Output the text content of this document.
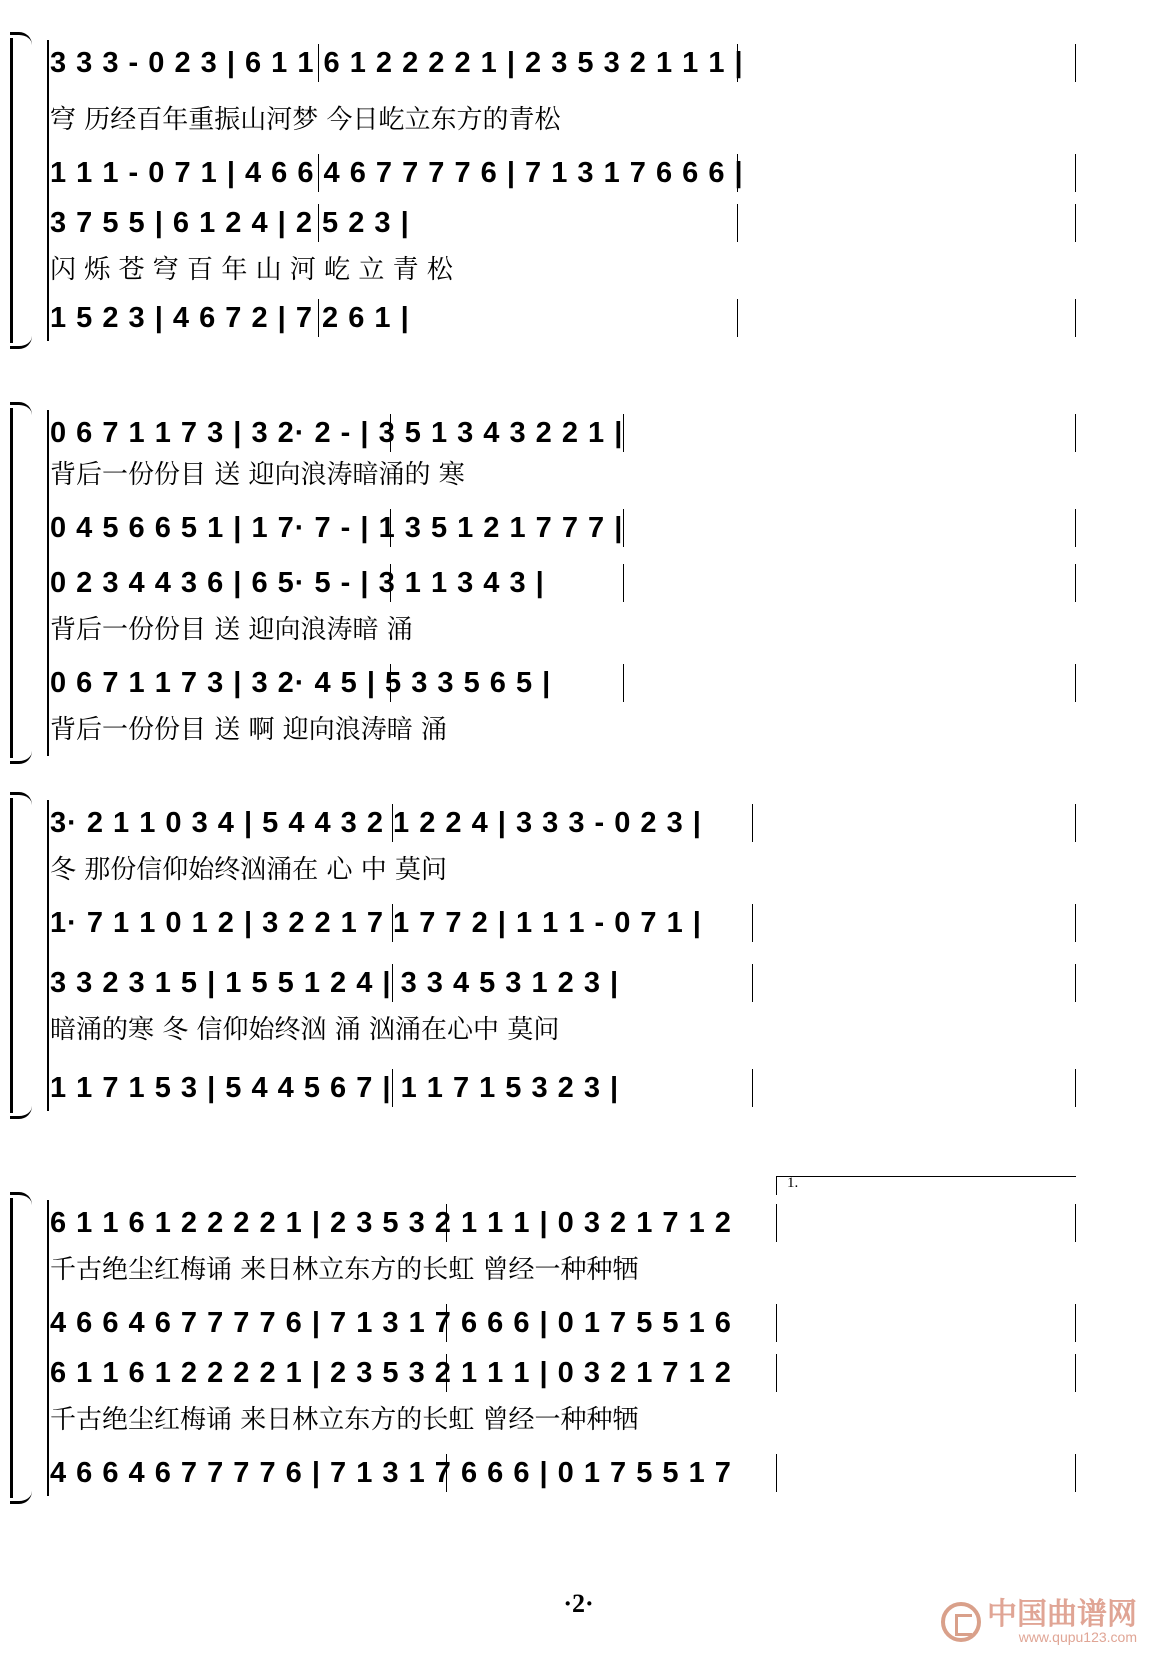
3 3 3 - 0 2 3 | 6 1 1 6 1 2 2 2 2 1 | 2 3 5 3 2 1 1 1 |
穹 历经百年重振山河梦 今日屹立东方的青松
1 1 1 - 0 7 1 | 4 6 6 4 6 7 7 7 7 6 | 7 1 3 1 7 6 6 6 |
3 7 5 5 | 6 1 2 4 | 2 5 2 3 |
闪 烁 苍 穹 百 年 山 河 屹 立 青 松
1 5 2 3 | 4 6 7 2 | 7 2 6 1 |
0 6 7 1 1 7 3 | 3 2· 2 - | 3 5 1 3 4 3 2 2 1 |
背后一份份目 送 迎向浪涛暗涌的 寒
0 4 5 6 6 5 1 | 1 7· 7 - | 1 3 5 1 2 1 7 7 7 |
0 2 3 4 4 3 6 | 6 5· 5 - | 3 1 1 3 4 3 |
背后一份份目 送 迎向浪涛暗 涌
0 6 7 1 1 7 3 | 3 2· 4 5 | 5 3 3 5 6 5 |
背后一份份目 送 啊 迎向浪涛暗 涌
3· 2 1 1 0 3 4 | 5 4 4 3 2 1 2 2 4 | 3 3 3 - 0 2 3 |
冬 那份信仰始终汹涌在 心 中 莫问
1· 7 1 1 0 1 2 | 3 2 2 1 7 1 7 7 2 | 1 1 1 - 0 7 1 |
3 3 2 3 1 5 | 1 5 5 1 2 4 | 3 3 4 5 3 1 2 3 |
暗涌的寒 冬 信仰始终汹 涌 汹涌在心中 莫问
1 1 7 1 5 3 | 5 4 4 5 6 7 | 1 1 7 1 5 3 2 3 |
6 1 1 6 1 2 2 2 2 1 | 2 3 5 3 2 1 1 1 | 0 3 2 1 7 1 2
千古绝尘红梅诵 来日林立东方的长虹 曾经一种种牺
4 6 6 4 6 7 7 7 7 6 | 7 1 3 1 7 6 6 6 | 0 1 7 5 5 1 6
6 1 1 6 1 2 2 2 2 1 | 2 3 5 3 2 1 1 1 | 0 3 2 1 7 1 2
千古绝尘红梅诵 来日林立东方的长虹 曾经一种种牺
4 6 6 4 6 7 7 7 7 6 | 7 1 3 1 7 6 6 6 | 0 1 7 5 5 1 7
1.
·2·	中国曲谱网
www.qupu123.com
